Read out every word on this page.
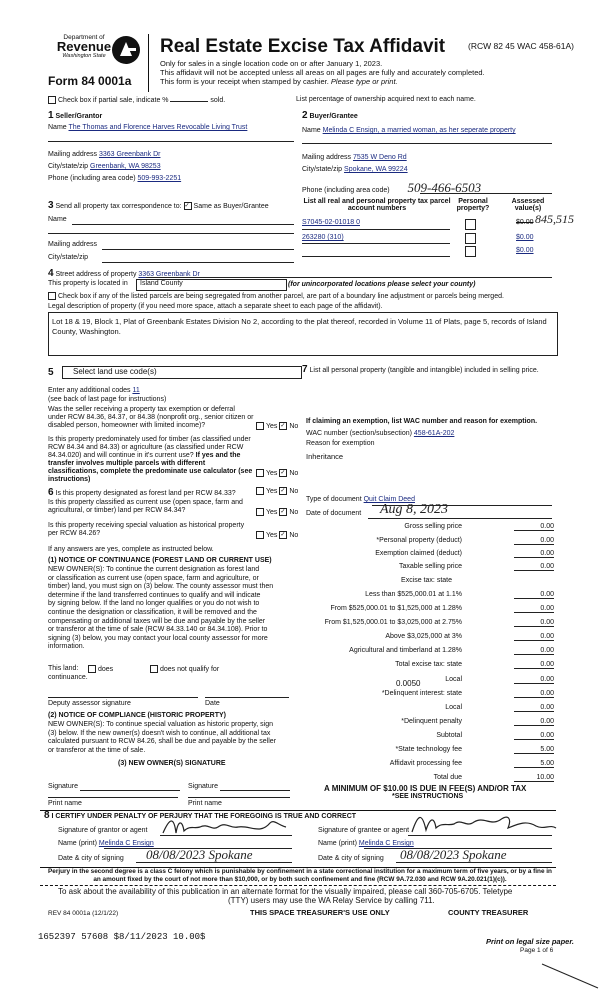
Department of
Revenue
Washington State
Form 84 0001a
Real Estate Excise Tax Affidavit	(RCW 82 45 WAC 458-61A)
Only for sales in a single location code on or after January 1, 2023.
This affidavit will not be accepted unless all areas on all pages are fully and accurately completed.
This form is your receipt when stamped by cashier. Please type or print.
Check box if partial sale, indicate %	sold.	List percentage of ownership acquired next to each name.
1 Seller/Grantor
Name The Thomas and Florence Harves Revocable Living Trust
Mailing address 3363 Greenbank Dr
City/state/zip Greenbank, WA 98253
Phone (including area code) 509-993-2251
2 Buyer/Grantee
Name Melinda C Ensign, a married woman, as her seperate property
Mailing address 7535 W Deno Rd
City/state/zip Spokane, WA 99224
Phone (including area code) 509-466-6503
3 Send all property tax correspondence to: ✓ Same as Buyer/Grantee
Name
Mailing address
City/state/zip
List all real and personal property tax parcel account numbers
Personal property?
Assessed value(s)
S7045-02-01018 0	$0.00 845,515
263280 (310)	$0.00
$0.00
4 Street address of property 3363 Greenbank Dr
This property is located in	Island County	(for unincorporated locations please select your county)
Check box if any of the listed parcels are being segregated from another parcel, are part of a boundary line adjustment or parcels being merged.
Legal description of property (if you need more space, attach a separate sheet to each page of the affidavit).
Lot 18 & 19, Block 1, Plat of Greenbank Estates Division No 2, according to the plat thereof, recorded in Volume 11 of Plats, page 5, records of Island County, Washington.
5	Select land use code(s)
Enter any additional codes 11
(see back of last page for instructions)
Was the seller receiving a property tax exemption or deferral under RCW 84.36, 84.37, or 84.38 (nonprofit org., senior citizen or disabled person, homeowner with limited income)?	Yes ✓ No
Is this property predominately used for timber (as classified under RCW 84.34 and 84.33) or agriculture (as classified under RCW 84.34.020) and will continue in it's current use? If yes and the transfer involves multiple parcels with different classifications, complete the predominate use calculator (see instructions)
Yes ✓ No
6 Is this property designated as forest land per RCW 84.33?	Yes ✓ No
Is this property classified as current use (open space, farm and agricultural, or timber) land per RCW 84.34?	Yes ✓ No
Is this property receiving special valuation as historical property per RCW 84.26?	Yes ✓ No
If any answers are yes, complete as instructed below.
(1) NOTICE OF CONTINUANCE (FOREST LAND OR CURRENT USE)
NEW OWNER(S): To continue the current designation as forest land
or classification as current use (open space, farm and agriculture, or
timber) land, you must sign on (3) below. The county assessor must then
determine if the land transferred continues to qualify and will indicate
by signing below. If the land no longer qualifies or you do not wish to
continue the designation or classification, it will be removed and the
compensating or additional taxes will be due and payable by the seller
or transferor at the time of sale (RCW 84.33.140 or 84.34.108). Prior to
signing (3) below, you may contact your local county assessor for more
information.
This land:
continuance.
does	does not qualify for
Deputy assessor signature	Date
(2) NOTICE OF COMPLIANCE (HISTORIC PROPERTY)
NEW OWNER(S): To continue special valuation as historic property, sign
(3) below. If the new owner(s) doesn't wish to continue, all additional tax
calculated pursuant to RCW 84.26, shall be due and payable by the seller
or transferor at the time of sale.
(3) NEW OWNER(S) SIGNATURE
Signature	Signature
Print name	Print name
7 List all personal property (tangible and intangible) included in selling price.
If claiming an exemption, list WAC number and reason for exemption.
WAC number (section/subsection) 458-61A-202
Reason for exemption
Inheritance
Type of document Quit Claim Deed
Date of document Aug 8, 2023
Gross selling price	0.00
*Personal property (deduct)	0.00
Exemption claimed (deduct)	0.00
Taxable selling price	0.00
Excise tax: state
Less than $525,000.01 at 1.1%	0.00
From $525,000.01 to $1,525,000 at 1.28%	0.00
From $1,525,000.01 to $3,025,000 at 2.75%	0.00
Above $3,025,000 at 3%	0.00
Agricultural and timberland at 1.28%	0.00
Total excise tax: state	0.00
Local	0.00
*Delinquent interest: state	0.00
Local	0.00
*Delinquent penalty	0.00
Subtotal	0.00
*State technology fee	5.00
Affidavit processing fee	5.00
Total due	10.00
0.0050
A MINIMUM OF $10.00 IS DUE IN FEE(S) AND/OR TAX
*SEE INSTRUCTIONS
8 I CERTIFY UNDER PENALTY OF PERJURY THAT THE FOREGOING IS TRUE AND CORRECT
Signature of grantor or agent
Name (print) Melinda C Ensign
Date & city of signing 08/08/2023 Spokane
Signature of grantee or agent
Name (print) Melinda C Ensign
Date & city of signing 08/08/2023 Spokane
Perjury in the second degree is a class C felony which is punishable by confinement in a state correctional institution for a maximum term of five years, or by a fine in an amount fixed by the court of not more than $10,000, or by both such confinement and fine (RCW 9A.72.030 and RCW 9A.20.021(1)(c)).
To ask about the availability of this publication in an alternate format for the visually impaired, please call 360-705-6705. Teletype
(TTY) users may use the WA Relay Service by calling 711.
REV 84 0001a (12/1/22)	THIS SPACE TREASURER'S USE ONLY	COUNTY TREASURER
1652397 57608 $8/11/2023 10.00$	Print on legal size paper.
Page 1 of 6
